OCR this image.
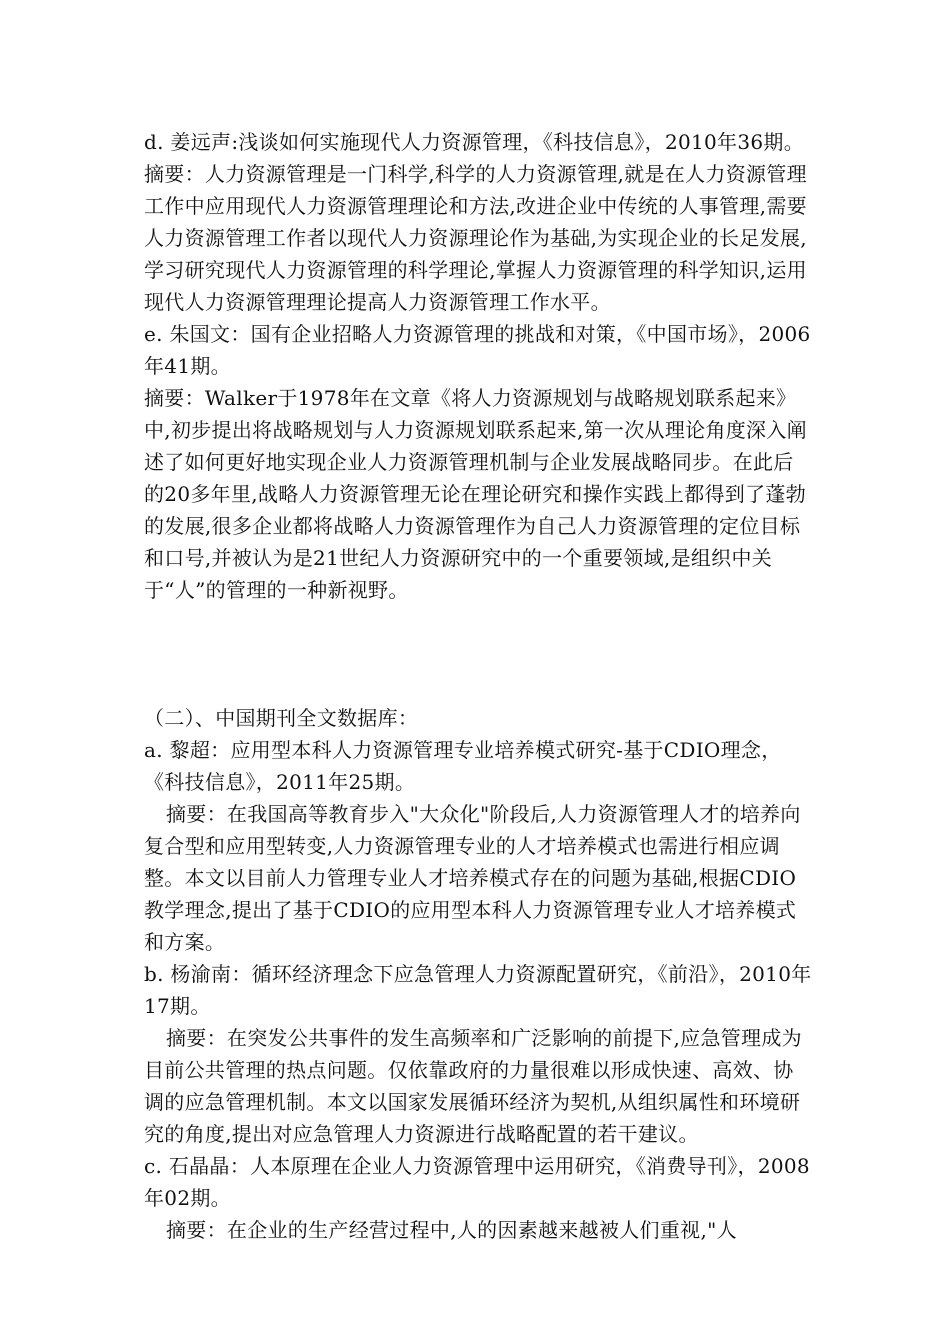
d. 姜远声:浅谈如何实施现代人力资源管理，《科技信息》，2010年36期。

摘要：人力资源管理是一门科学,科学的人力资源管理,就是在人力资源管理工作中应用现代人力资源管理理论和方法,改进企业中传统的人事管理,需要人力资源管理工作者以现代人力资源理论作为基础,为实现企业的长足发展,学习研究现代人力资源管理的科学理论,掌握人力资源管理的科学知识,运用现代人力资源管理理论提高人力资源管理工作水平。

e. 朱国文：国有企业招略人力资源管理的挑战和对策，《中国市场》，2006年41期。

摘要：Walker于1978年在文章《将人力资源规划与战略规划联系起来》中,初步提出将战略规划与人力资源规划联系起来,第一次从理论角度深入阐述了如何更好地实现企业人力资源管理机制与企业发展战略同步。在此后的20多年里,战略人力资源管理无论在理论研究和操作实践上都得到了蓬勃的发展,很多企业都将战略人力资源管理作为自己人力资源管理的定位目标和口号,并被认为是21世纪人力资源研究中的一个重要领域,是组织中关于“人”的管理的一种新视野。

（二）、中国期刊全文数据库：

a. 黎超：应用型本科人力资源管理专业培养模式研究-基于CDIO理念，《科技信息》，2011年25期。

摘要：在我国高等教育步入"大众化"阶段后,人力资源管理人才的培养向复合型和应用型转变,人力资源管理专业的人才培养模式也需进行相应调整。本文以目前人力管理专业人才培养模式存在的问题为基础,根据CDIO教学理念,提出了基于CDIO的应用型本科人力资源管理专业人才培养模式和方案。

b. 杨渝南：循环经济理念下应急管理人力资源配置研究，《前沿》，2010年17期。

摘要：在突发公共事件的发生高频率和广泛影响的前提下,应急管理成为目前公共管理的热点问题。仅依靠政府的力量很难以形成快速、高效、协调的应急管理机制。本文以国家发展循环经济为契机,从组织属性和环境研究的角度,提出对应急管理人力资源进行战略配置的若干建议。

c. 石晶晶：人本原理在企业人力资源管理中运用研究，《消费导刊》，2008年02期。

摘要：在企业的生产经营过程中,人的因素越来越被人们重视,"人
